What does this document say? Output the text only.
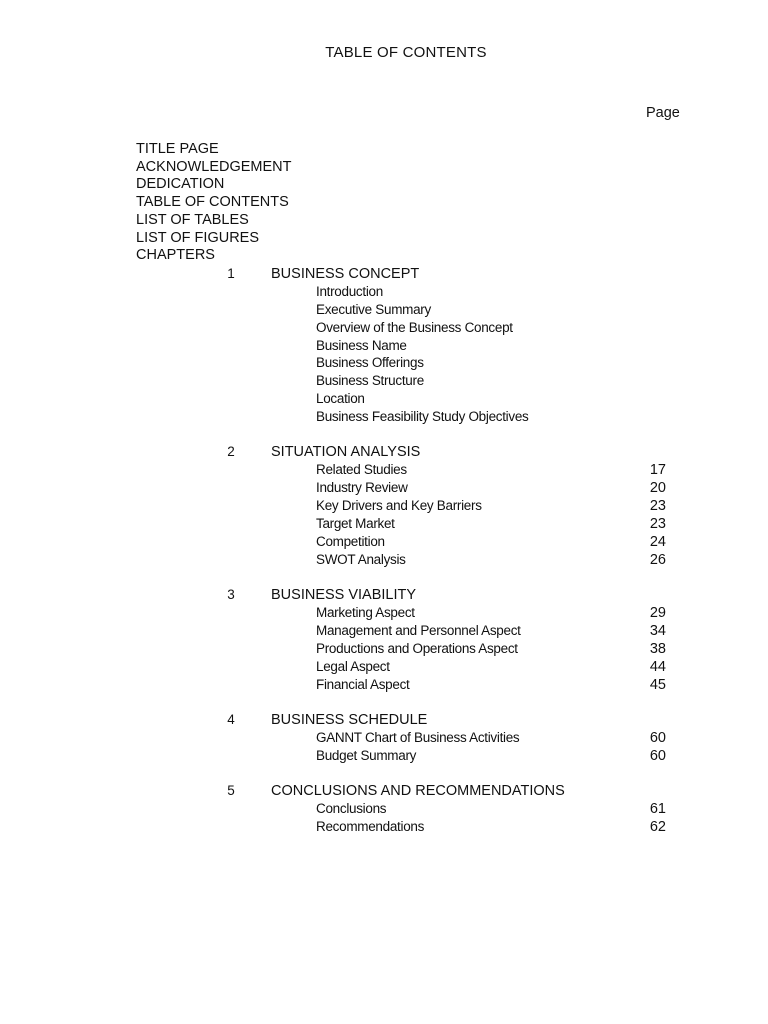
TABLE OF CONTENTS
Page
TITLE PAGE
ACKNOWLEDGEMENT
DEDICATION
TABLE OF CONTENTS
LIST OF TABLES
LIST OF FIGURES
CHAPTERS
1	BUSINESS CONCEPT
Introduction
Executive Summary
Overview of the Business Concept
Business Name
Business Offerings
Business Structure
Location
Business Feasibility Study Objectives
2	SITUATION ANALYSIS
Related Studies	17
Industry Review	20
Key Drivers and Key Barriers	23
Target Market	23
Competition	24
SWOT Analysis	26
3	BUSINESS VIABILITY
Marketing Aspect	29
Management and Personnel Aspect	34
Productions and Operations Aspect	38
Legal Aspect	44
Financial Aspect	45
4	BUSINESS SCHEDULE
GANNT Chart of Business Activities	60
Budget Summary	60
5	CONCLUSIONS AND RECOMMENDATIONS
Conclusions	61
Recommendations	62
